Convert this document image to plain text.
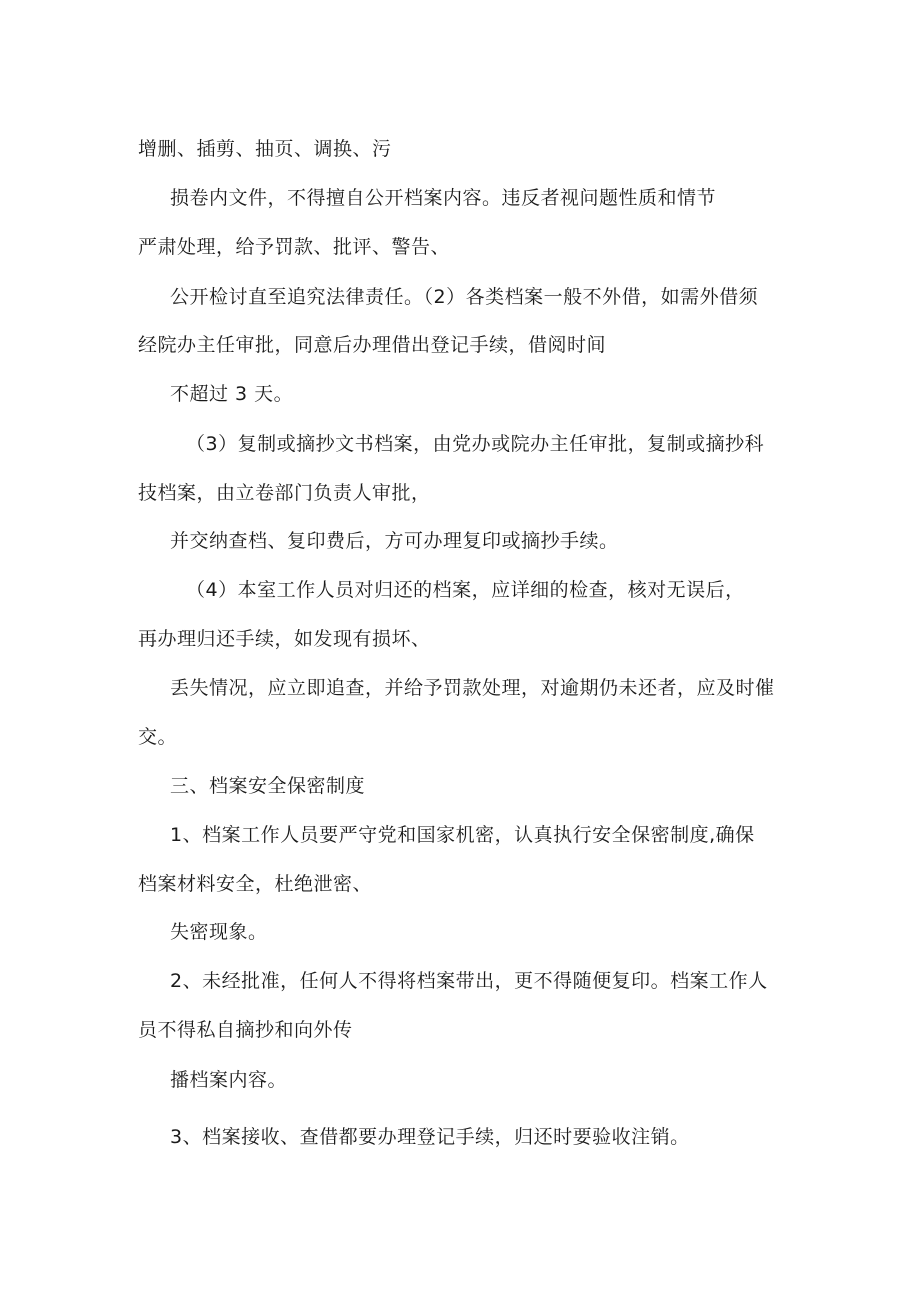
增删、插剪、抽页、调换、污
损卷内文件，不得擅自公开档案内容。违反者视问题性质和情节
严肃处理，给予罚款、批评、警告、
公开检讨直至追究法律责任。（2）各类档案一般不外借，如需外借须
经院办主任审批，同意后办理借出登记手续，借阅时间
不超过 3 天。
（3）复制或摘抄文书档案，由党办或院办主任审批，复制或摘抄科
技档案，由立卷部门负责人审批，
并交纳查档、复印费后，方可办理复印或摘抄手续。
（4）本室工作人员对归还的档案，应详细的检查，核对无误后，
再办理归还手续，如发现有损坏、
丢失情况，应立即追查，并给予罚款处理，对逾期仍未还者，应及时催
交。
三、档案安全保密制度
1、档案工作人员要严守党和国家机密，认真执行安全保密制度,确保
档案材料安全，杜绝泄密、
失密现象。
2、未经批准，任何人不得将档案带出，更不得随便复印。档案工作人
员不得私自摘抄和向外传
播档案内容。
3、档案接收、查借都要办理登记手续，归还时要验收注销。
